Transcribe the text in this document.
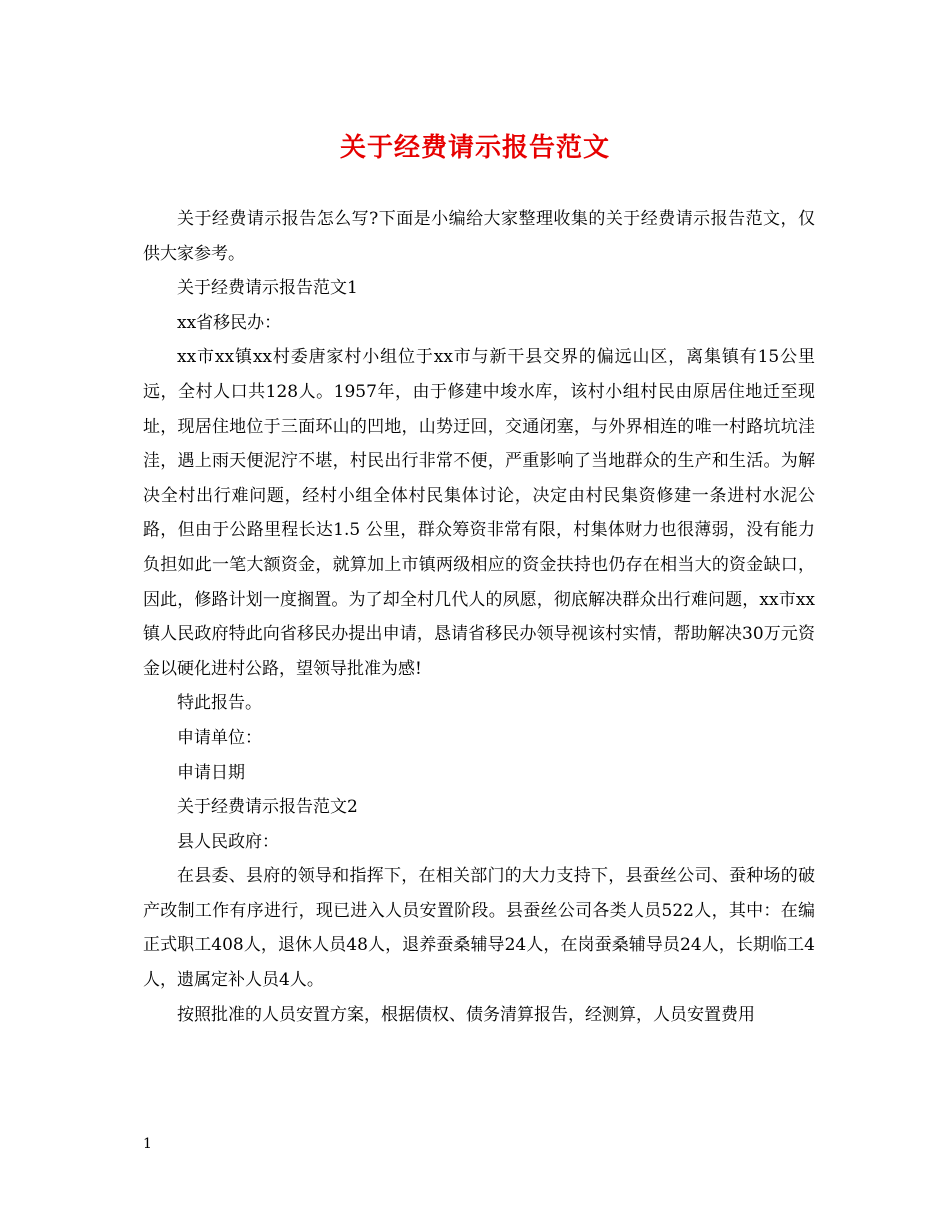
关于经费请示报告范文

关于经费请示报告怎么写?下面是小编给大家整理收集的关于经费请示报告范文，仅供大家参考。

关于经费请示报告范文1

xx省移民办：

xx市xx镇xx村委唐家村小组位于xx市与新干县交界的偏远山区，离集镇有15公里远，全村人口共128人。1957年，由于修建中埈水库，该村小组村民由原居住地迁至现址，现居住地位于三面环山的凹地，山势迂回，交通闭塞，与外界相连的唯一村路坑坑洼洼，遇上雨天便泥泞不堪，村民出行非常不便，严重影响了当地群众的生产和生活。为解决全村出行难问题，经村小组全体村民集体讨论，决定由村民集资修建一条进村水泥公路，但由于公路里程长达1.5 公里，群众筹资非常有限，村集体财力也很薄弱，没有能力负担如此一笔大额资金，就算加上市镇两级相应的资金扶持也仍存在相当大的资金缺口，因此，修路计划一度搁置。为了却全村几代人的夙愿，彻底解决群众出行难问题，xx市xx镇人民政府特此向省移民办提出申请，恳请省移民办领导视该村实情，帮助解决30万元资金以硬化进村公路，望领导批准为感!

特此报告。

申请单位：

申请日期

关于经费请示报告范文2

县人民政府：

在县委、县府的领导和指挥下，在相关部门的大力支持下，县蚕丝公司、蚕种场的破产改制工作有序进行，现已进入人员安置阶段。县蚕丝公司各类人员522人，其中：在编正式职工408人，退休人员48人，退养蚕桑辅导24人，在岗蚕桑辅导员24人，长期临工4人，遗属定补人员4人。

按照批准的人员安置方案，根据债权、债务清算报告，经测算，人员安置费用

1
